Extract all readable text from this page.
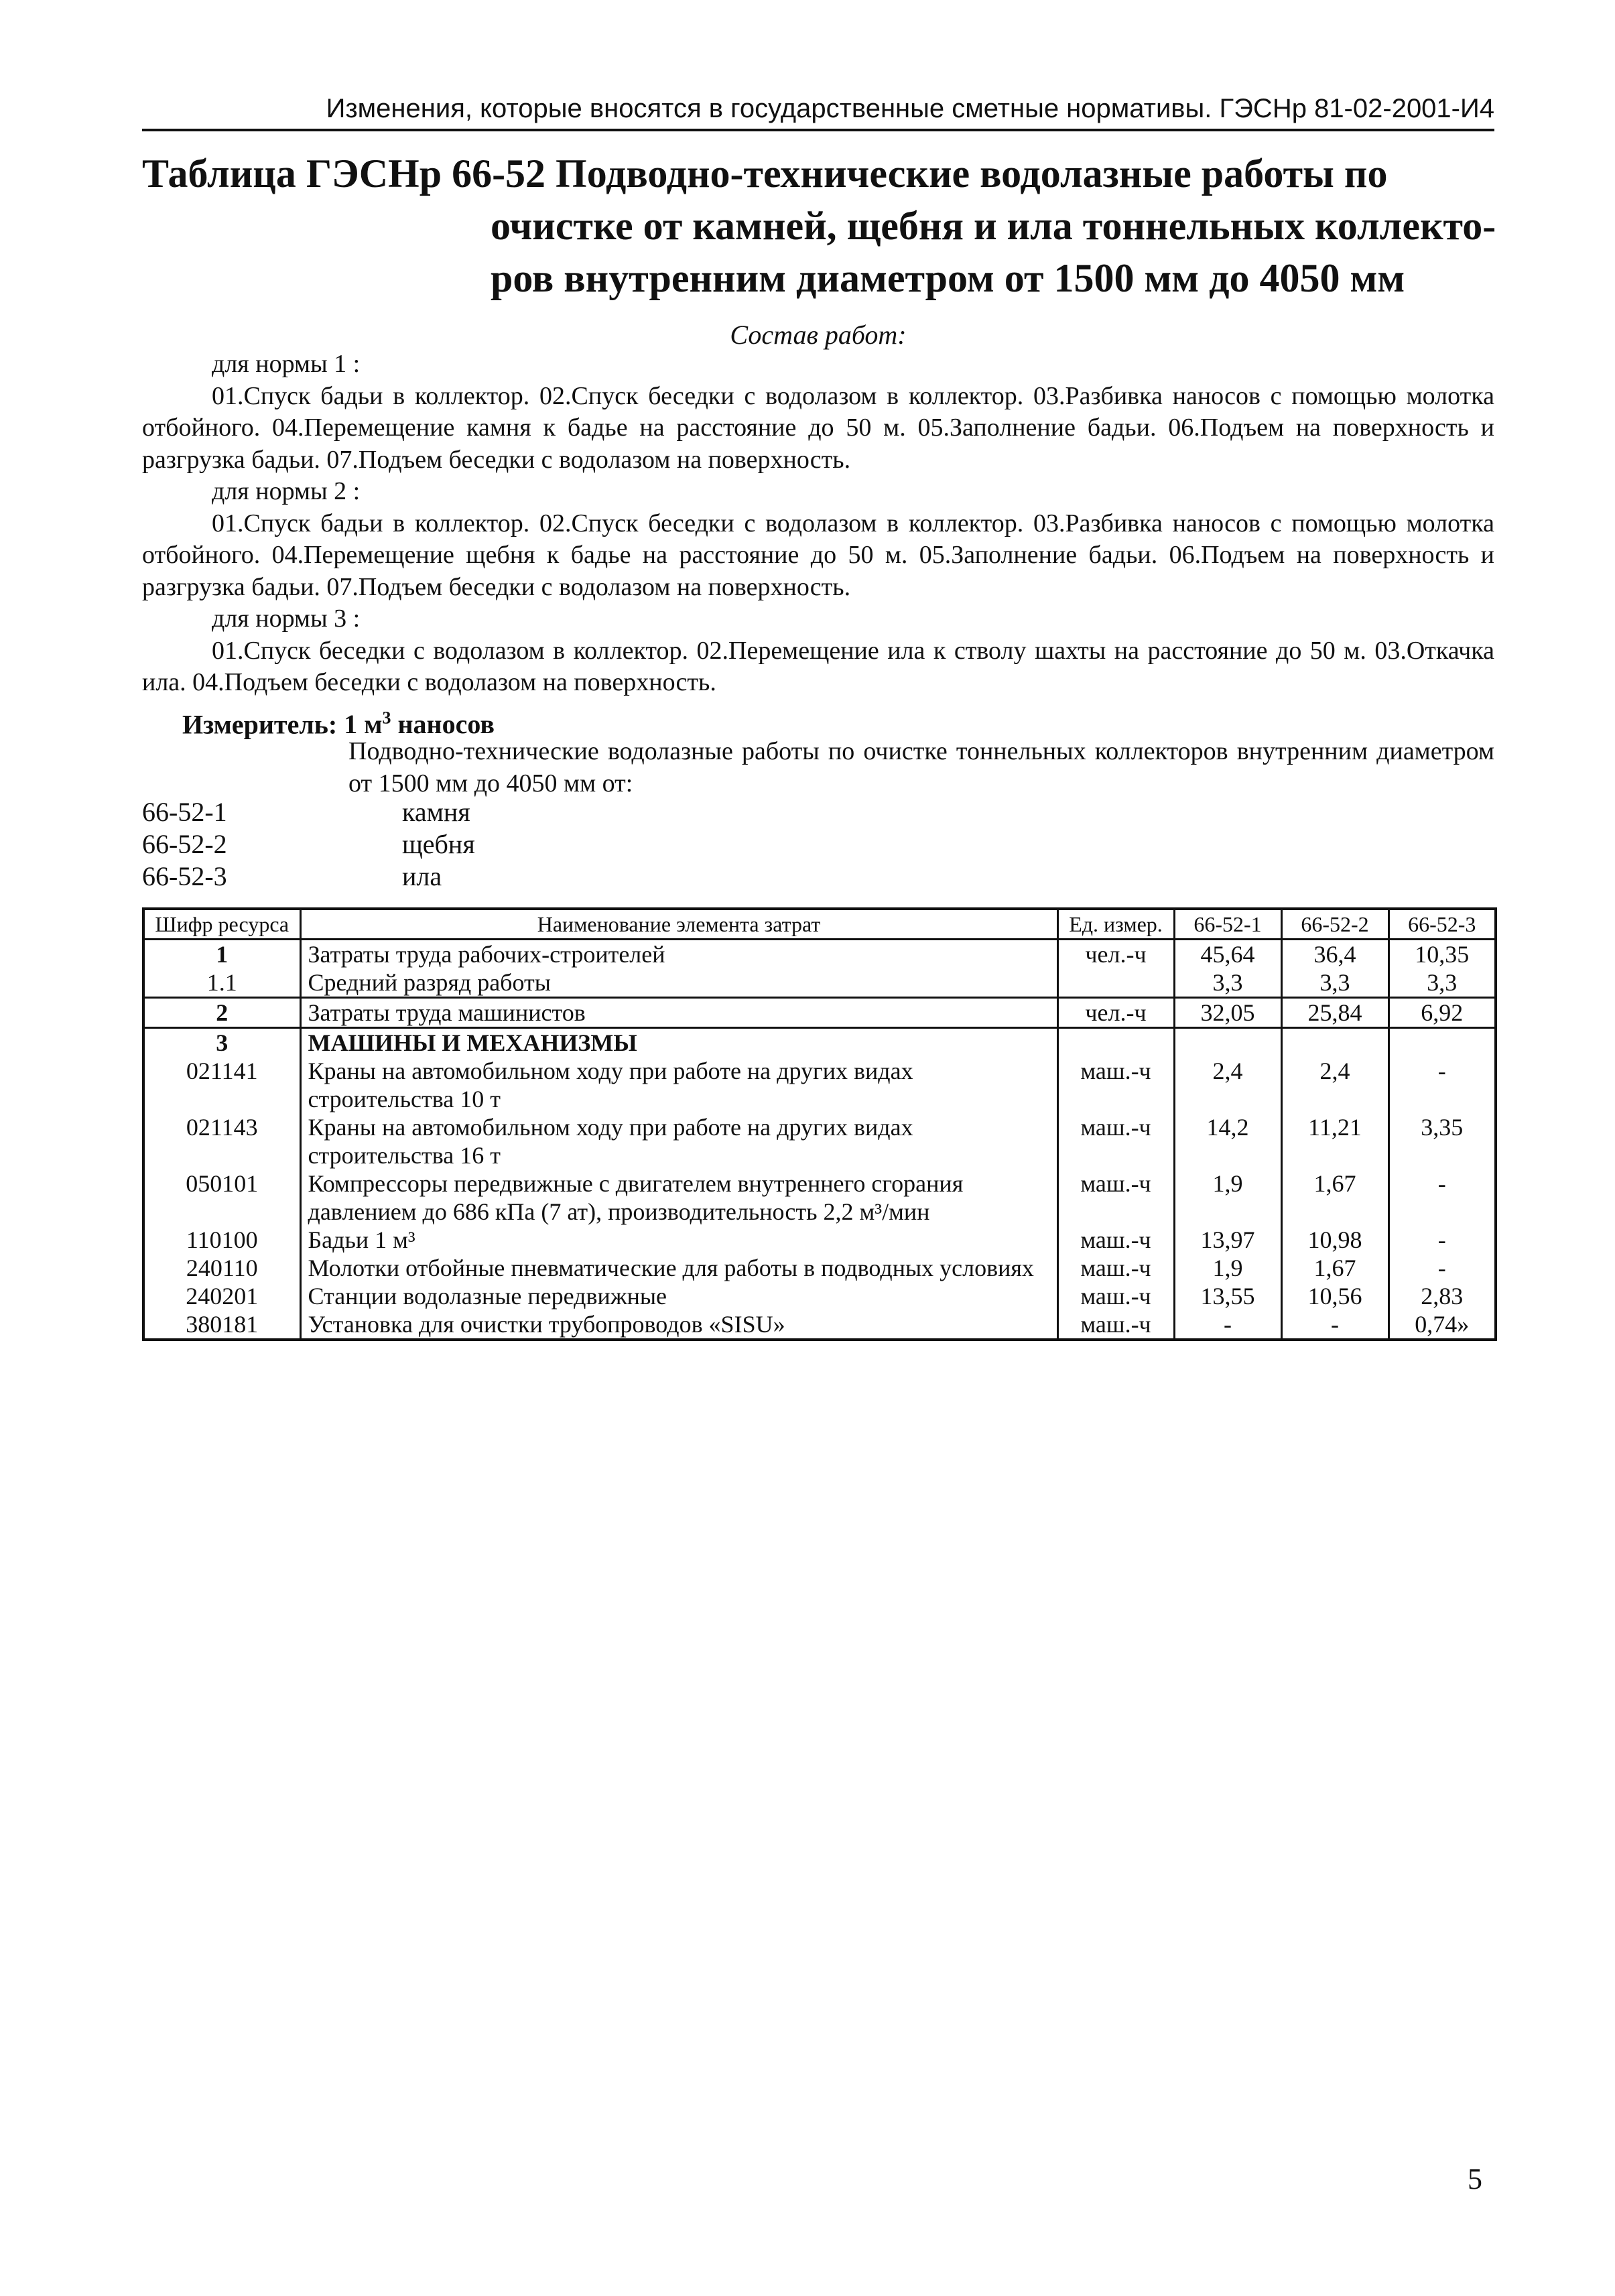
Изменения, которые вносятся в государственные сметные нормативы. ГЭСНр 81-02-2001-И4
Таблица ГЭСНр 66-52 Подводно-технические водолазные работы по
очистке от камней, щебня и ила тоннельных коллекто-
ров внутренним диаметром от 1500 мм до 4050 мм
Состав работ:
для нормы 1 :

01.Спуск бадьи в коллектор. 02.Спуск беседки с водолазом в коллектор. 03.Разбивка наносов с помощью молотка отбойного. 04.Перемещение камня к бадье на расстояние до 50 м. 05.Заполнение бадьи. 06.Подъем на поверхность и разгрузка бадьи. 07.Подъем беседки с водолазом на поверхность.

для нормы 2 :

01.Спуск бадьи в коллектор. 02.Спуск беседки с водолазом в коллектор. 03.Разбивка наносов с помощью молотка отбойного. 04.Перемещение щебня к бадье на расстояние до 50 м. 05.Заполнение бадьи. 06.Подъем на поверхность и разгрузка бадьи. 07.Подъем беседки с водолазом на поверхность.

для нормы 3 :

01.Спуск беседки с водолазом в коллектор. 02.Перемещение ила к стволу шахты на расстояние до 50 м. 03.Откачка ила. 04.Подъем беседки с водолазом на поверхность.

Измеритель: 1 $м^3$ наносов
Подводно-технические водолазные работы по очистке тоннельных коллекторов внутренним диаметром от 1500 мм до 4050 мм от:
66-52-1	камня
66-52-2	щебня
66-52-3	ила
Шифр ресурса	Наименование элемента затрат	Ед. измер.	66-52-1	66-52-2	66-52-3
1	Затраты труда рабочих-строителей	чел.-ч	45,64	36,4	10,35
1.1	Средний разряд работы		3,3	3,3	3,3
2	Затраты труда машинистов	чел.-ч	32,05	25,84	6,92
3	МАШИНЫ И МЕХАНИЗМЫ				
021141	Краны на автомобильном ходу при работе на других видах строительства 10 т	маш.-ч	2,4	2,4	-
021143	Краны на автомобильном ходу при работе на других видах строительства 16 т	маш.-ч	14,2	11,21	3,35
050101	Компрессоры передвижные с двигателем внутреннего сгорания давлением до 686 кПа (7 ат), производительность 2,2 м³/мин	маш.-ч	1,9	1,67	-
110100	Бадьи 1 м³	маш.-ч	13,97	10,98	-
240110	Молотки отбойные пневматические для работы в подводных условиях	маш.-ч	1,9	1,67	-
240201	Станции водолазные передвижные	маш.-ч	13,55	10,56	2,83
380181	Установка для очистки трубопроводов «SISU»	маш.-ч	-	-	0,74»
5
